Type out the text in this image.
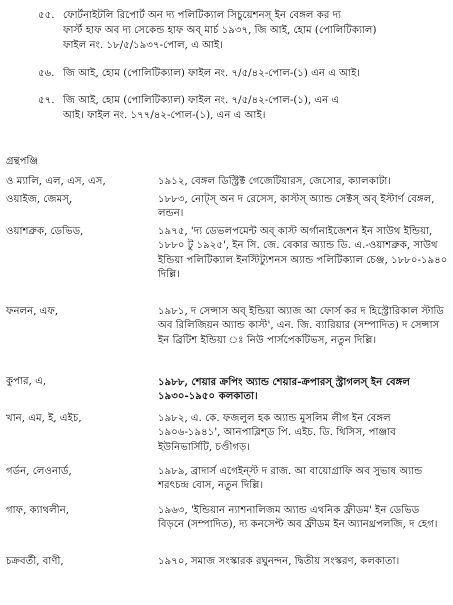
৫৫. ফোর্টনাইটলি রিপোর্ট অন দ্য পলিটিক্যাল সিচুয়েশনস্ ইন বেঙ্গল কর দ্য
ফার্স্ট হাফ অব দ্য সেকেন্ড হাফ অব্ মার্চ ১৯৩৭, জি আই, হোম (পোলিটিক্যাল)
ফাইল নং. ১৮/৫/১৯৩৭-পোল, এ আই।
৫৬. জি আই, হোম (পোলিটিক্যাল) ফাইল নং. ৭/৫/৪২-পোল-(১) এন এ আই।
৫৭. জি আই, হোম (পোলিটিক্যাল) ফাইল নং. ৭/৫/৪২-পোল-(১), এন এ
আই। ফাইল নং. ১৭৭/৪২-পোল-(১), এন এ আই।
গ্রন্থপঞ্জি
ও ম্যালি, এল, এস, এস,	১৯১২, বেঙ্গল ডিস্ট্রিক্ট গেজেটিয়ারস, জেসোর, ক্যালকাটা।
ওয়াইজ, জেমস্,	১৮৮৩, নোট্‌স্ অন দ রেসেস, কাস্টস্ অ্যান্ড সেক্টস্ অব্ ইস্টার্ণ বেঙ্গল, লন্ডন।
ওয়াশব্রুক, ডেভিড,	১৯৭৫, 'দ্য ডেভলপমেন্ট অব্ কাস্ট অর্গানাইজেশন ইন সাউথ ইন্ডিয়া, ১৮৮০ টু ১৯২৫', ইন সি. জে. বেকার অ্যান্ড ডি. এ.-ওয়াশব্রুক, সাউথ ইন্ডিয়া পলিটিক্যাল ইনস্টিট্যুশনস অ্যান্ড পলিটিক্যাল চেঞ্জ, ১৮৮০-১৯৪০ দিল্লি।
ফনলন, এফ,	১৯৮১, দ সেন্সাস অব্ ইন্ডিয়া অ্যাজ আ ফোর্স কর দ হিস্ট্রোরিকাল স্টাডি অব রিলিজিয়ন অ্যান্ড কাস্ট', এন. জি. ব্যারিয়ার (সম্পাদিত) দ সেন্সাস ইন ব্রিটিশ ইন্ডিয়া ঃ নিউ পার্সপেকটিভস, নতুন দিল্লি।
কুপার, এ,	১৯৮৮, শেয়ার ক্রপিং অ্যান্ড শেয়ার-ক্রপারস্ স্ট্রাগলস্ ইন বেঙ্গল ১৯৩০-১৯৫০ কলকাতা।
খান, এম, ই, এইচ,	১৯৮২, এ. কে. ফজলুল হক অ্যান্ড মুসলিম লীগ ইন বেঙ্গল ১৯০৬-১৯৪১', আনপাব্লিশ্ড পি. এইচ. ডি. থিসিস, পাঞ্জাব ইউনিভার্সিটি, চণ্ডীগড়।
গর্ডন, লেওনার্ড,	১৯৮৯, ব্রাদার্স এগেইন্স্ট দ রাজ. আ বায়োগ্রাফি অব সুভাষ অ্যান্ড শরৎচন্দ্র বোস, নতুন দিল্লি।
গাফ, ক্যাথলীন,	১৯৬৩, 'ইন্ডিয়ান ন্যাশনালিজম অ্যান্ড এথনিক ফ্রীডম' ইন ডেভিড বিড়নে (সম্পাদিত), দ্য কনসেপ্ট অব ফ্রীডম ইন অ্যানথ্রপলজি, দ হেগ।
চক্রবর্তী, বাণী,	১৯৭০, সমাজ সংস্কারক রঘুনন্দন, দ্বিতীয় সংস্করণ, কলকাতা।
